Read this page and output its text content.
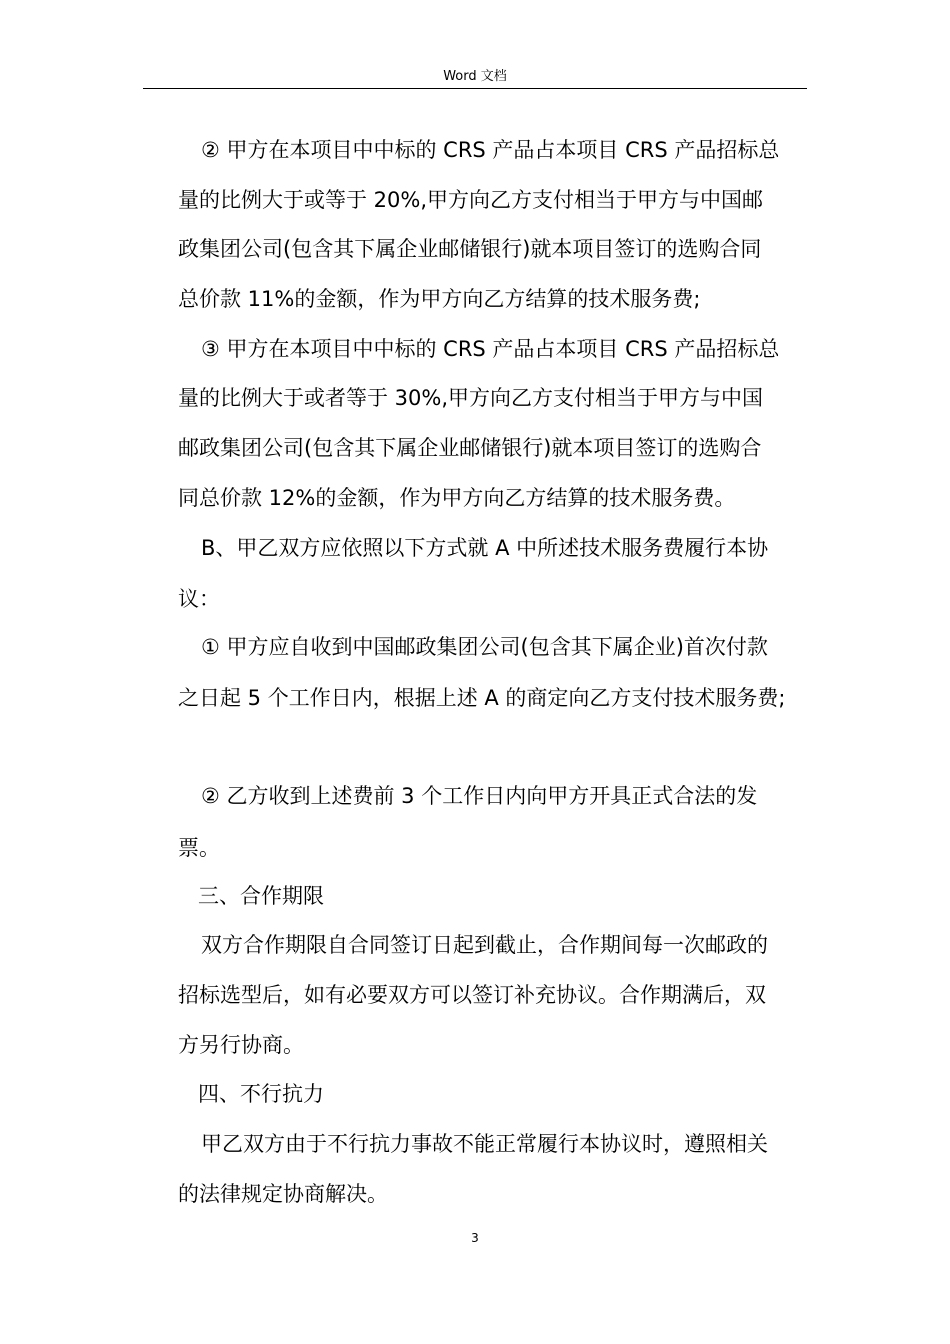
Word 文档
② 甲方在本项目中中标的 CRS 产品占本项目 CRS 产品招标总
量的比例大于或等于 20%,甲方向乙方支付相当于甲方与中国邮
政集团公司(包含其下属企业邮储银行)就本项目签订的选购合同
总价款 11%的金额，作为甲方向乙方结算的技术服务费;
③ 甲方在本项目中中标的 CRS 产品占本项目 CRS 产品招标总
量的比例大于或者等于 30%,甲方向乙方支付相当于甲方与中国
邮政集团公司(包含其下属企业邮储银行)就本项目签订的选购合
同总价款 12%的金额，作为甲方向乙方结算的技术服务费。
B、甲乙双方应依照以下方式就 A 中所述技术服务费履行本协
议：
① 甲方应自收到中国邮政集团公司(包含其下属企业)首次付款
之日起 5 个工作日内，根据上述 A 的商定向乙方支付技术服务费;
② 乙方收到上述费前 3 个工作日内向甲方开具正式合法的发
票。
三、合作期限
双方合作期限自合同签订日起到截止，合作期间每一次邮政的
招标选型后，如有必要双方可以签订补充协议。合作期满后，双
方另行协商。
四、不行抗力
甲乙双方由于不行抗力事故不能正常履行本协议时，遵照相关
的法律规定协商解决。
3
